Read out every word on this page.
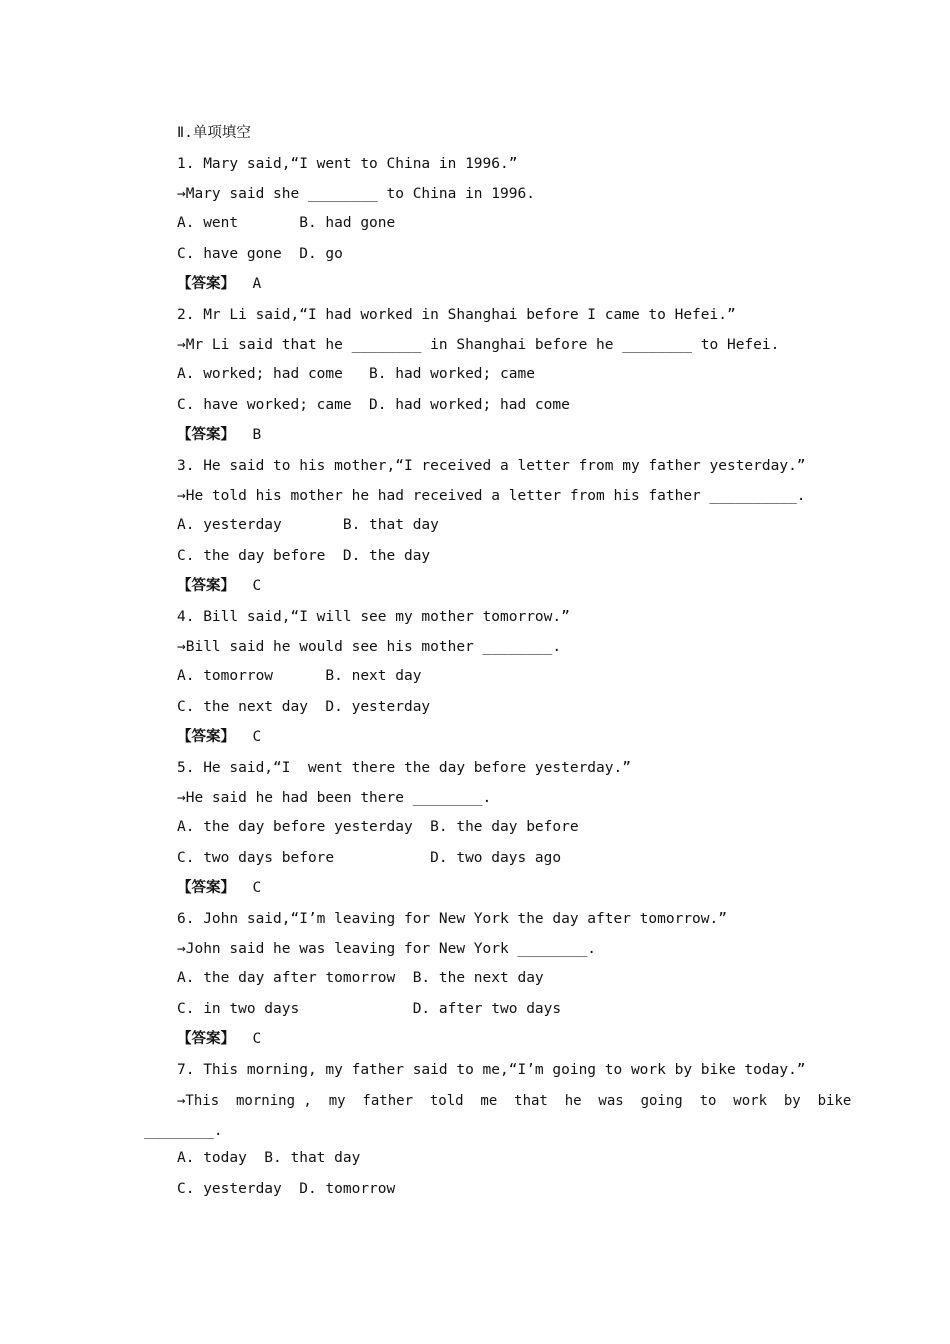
Ⅱ.单项填空

1. Mary said,“I went to China in 1996.”

→Mary said she ________ to China in 1996.

A. went       B. had gone

C. have gone  D. go

【答案】 A

2. Mr Li said,“I had worked in Shanghai before I came to Hefei.”

→Mr Li said that he ________ in Shanghai before he ________ to Hefei.

A. worked; had come   B. had worked; came

C. have worked; came  D. had worked; had come

【答案】 B

3. He said to his mother,“I received a letter from my father yesterday.”

→He told his mother he had received a letter from his father __________.

A. yesterday       B. that day

C. the day before  D. the day

【答案】 C

4. Bill said,“I will see my mother tomorrow.”

→Bill said he would see his mother ________.

A. tomorrow      B. next day

C. the next day  D. yesterday

【答案】 C

5. He said,“I  went there the day before yesterday.”

→He said he had been there ________.

A. the day before yesterday  B. the day before

C. two days before           D. two days ago

【答案】 C

6. John said,“I’m leaving for New York the day after tomorrow.”

→John said he was leaving for New York ________.

A. the day after tomorrow  B. the next day

C. in two days             D. after two days

【答案】 C

7. This morning, my father said to me,“I’m going to work by bike today.”

→This  morning ,  my  father  told  me  that  he  was  going  to  work  by  bike

________.

A. today  B. that day

C. yesterday  D. tomorrow
